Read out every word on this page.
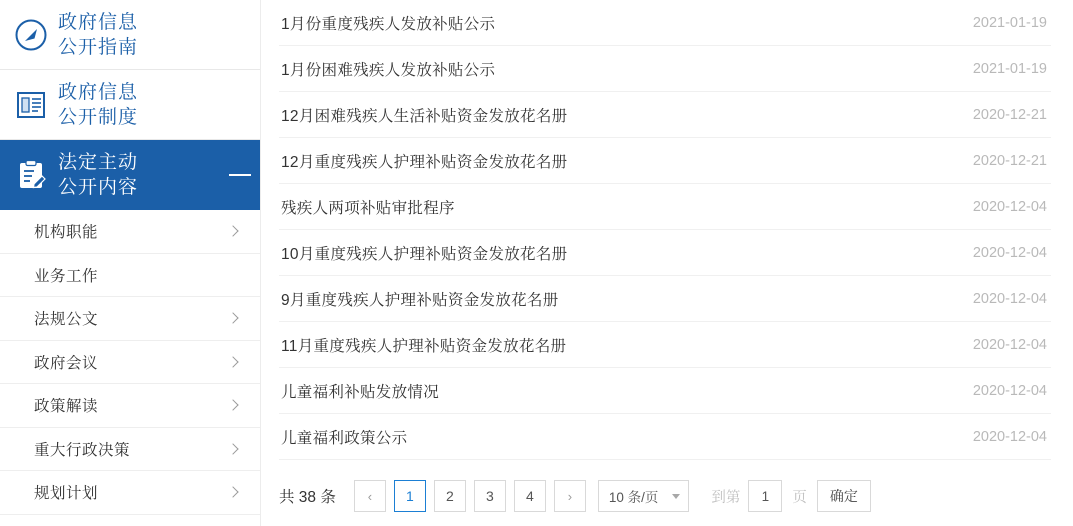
政府信息
公开指南
政府信息
公开制度
法定主动
公开内容
机构职能
业务工作
法规公文
政府会议
政策解读
重大行政决策
规划计划
1月份重度残疾人发放补贴公示	2021-01-19
1月份困难残疾人发放补贴公示	2021-01-19
12月困难残疾人生活补贴资金发放花名册	2020-12-21
12月重度残疾人护理补贴资金发放花名册	2020-12-21
残疾人两项补贴审批程序	2020-12-04
10月重度残疾人护理补贴资金发放花名册	2020-12-04
9月重度残疾人护理补贴资金发放花名册	2020-12-04
11月重度残疾人护理补贴资金发放花名册	2020-12-04
儿童福利补贴发放情况	2020-12-04
儿童福利政策公示	2020-12-04
共 38 条 ‹ 1 2 3 4	›	10 条/页	到第 1 页 确定
